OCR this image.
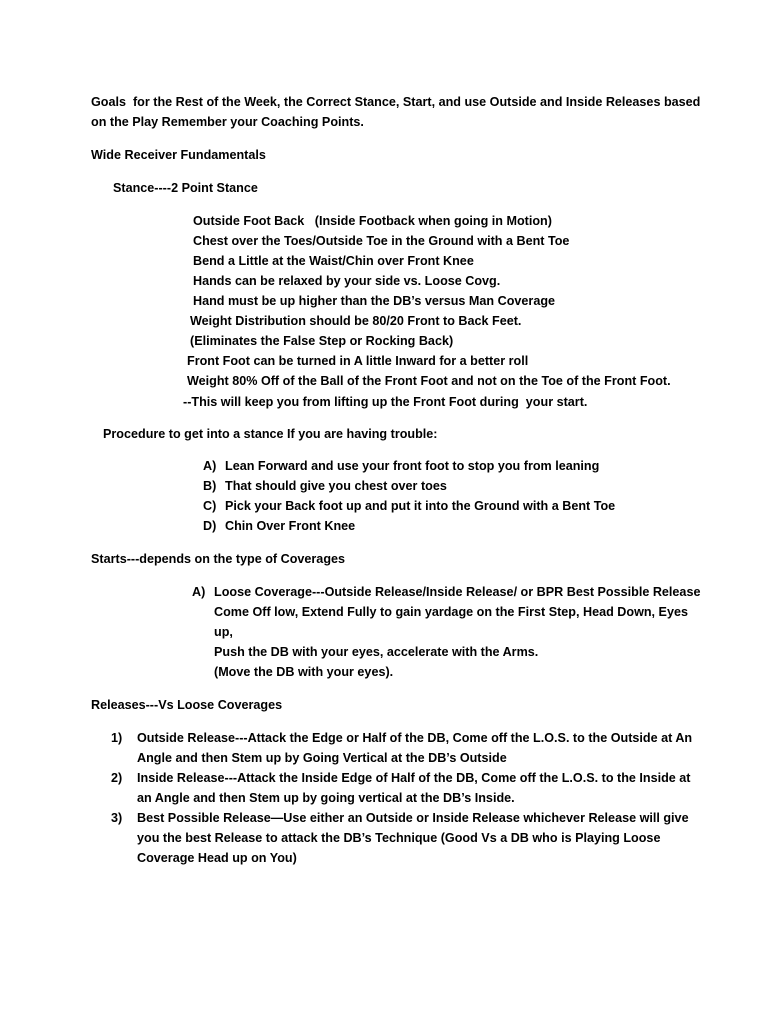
Goals  for the Rest of the Week, the Correct Stance, Start, and use Outside and Inside Releases based

on the Play Remember your Coaching Points.

Wide Receiver Fundamentals

Stance----2 Point Stance

Outside Foot Back   (Inside Footback when going in Motion)

Chest over the Toes/Outside Toe in the Ground with a Bent Toe

Bend a Little at the Waist/Chin over Front Knee

Hands can be relaxed by your side vs. Loose Covg.

Hand must be up higher than the DB’s versus Man Coverage

Weight Distribution should be 80/20 Front to Back Feet.

(Eliminates the False Step or Rocking Back)

Front Foot can be turned in A little Inward for a better roll

Weight 80% Off of the Ball of the Front Foot and not on the Toe of the Front Foot.

--This will keep you from lifting up the Front Foot during  your start.

Procedure to get into a stance If you are having trouble:

A) Lean Forward and use your front foot to stop you from leaning

B) That should give you chest over toes

C) Pick your Back foot up and put it into the Ground with a Bent Toe

D) Chin Over Front Knee

Starts---depends on the type of Coverages

A) Loose Coverage---Outside Release/Inside Release/ or BPR Best Possible Release

Come Off low, Extend Fully to gain yardage on the First Step, Head Down, Eyes

up,

Push the DB with your eyes, accelerate with the Arms.

(Move the DB with your eyes).

Releases---Vs Loose Coverages

1) Outside Release---Attack the Edge or Half of the DB, Come off the L.O.S. to the Outside at An

Angle and then Stem up by Going Vertical at the DB’s Outside

2) Inside Release---Attack the Inside Edge of Half of the DB, Come off the L.O.S. to the Inside at

an Angle and then Stem up by going vertical at the DB’s Inside.

3) Best Possible Release—Use either an Outside or Inside Release whichever Release will give

you the best Release to attack the DB’s Technique (Good Vs a DB who is Playing Loose

Coverage Head up on You)
